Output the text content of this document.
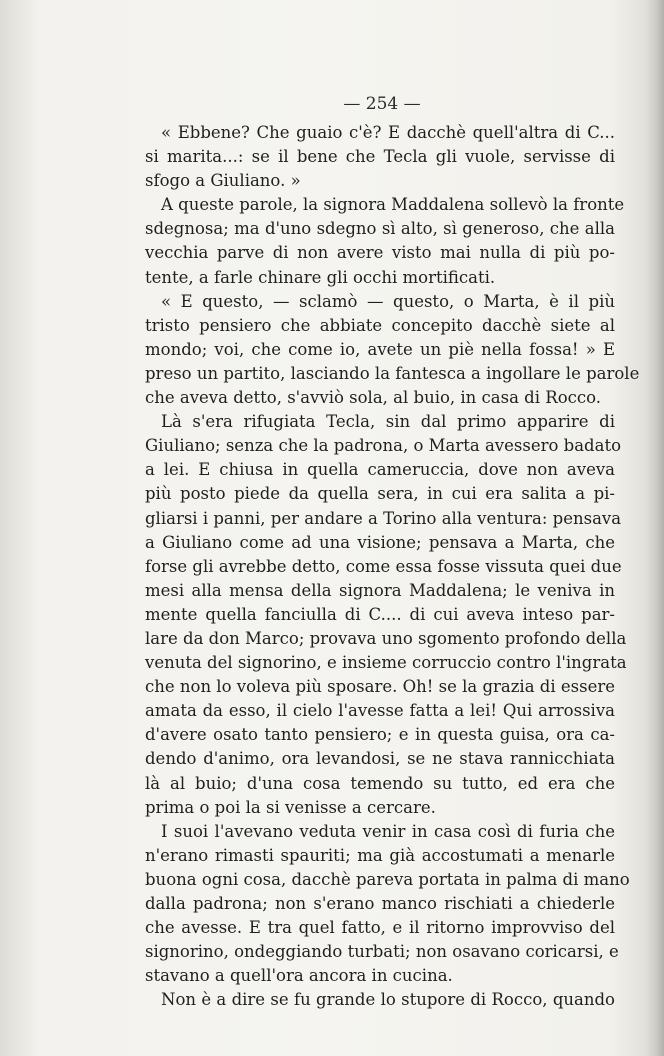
— 254 —
« Ebbene? Che guaio c'è? E dacchè quell'altra di C...
si marita...: se il bene che Tecla gli vuole, servisse di
sfogo a Giuliano. »
A queste parole, la signora Maddalena sollevò la fronte
sdegnosa; ma d'uno sdegno sì alto, sì generoso, che alla
vecchia parve di non avere visto mai nulla di più po-
tente, a farle chinare gli occhi mortificati.
« E questo, — sclamò — questo, o Marta, è il più
tristo pensiero che abbiate concepito dacchè siete al
mondo; voi, che come io, avete un piè nella fossa! » E
preso un partito, lasciando la fantesca a ingollare le parole
che aveva detto, s'avviò sola, al buio, in casa di Rocco.
Là s'era rifugiata Tecla, sin dal primo apparire di
Giuliano; senza che la padrona, o Marta avessero badato
a lei. E chiusa in quella cameruccia, dove non aveva
più posto piede da quella sera, in cui era salita a pi-
gliarsi i panni, per andare a Torino alla ventura: pensava
a Giuliano come ad una visione; pensava a Marta, che
forse gli avrebbe detto, come essa fosse vissuta quei due
mesi alla mensa della signora Maddalena; le veniva in
mente quella fanciulla di C.... di cui aveva inteso par-
lare da don Marco; provava uno sgomento profondo della
venuta del signorino, e insieme corruccio contro l'ingrata
che non lo voleva più sposare. Oh! se la grazia di essere
amata da esso, il cielo l'avesse fatta a lei! Qui arrossiva
d'avere osato tanto pensiero; e in questa guisa, ora ca-
dendo d'animo, ora levandosi, se ne stava rannicchiata
là al buio; d'una cosa temendo su tutto, ed era che
prima o poi la si venisse a cercare.
I suoi l'avevano veduta venir in casa così di furia che
n'erano rimasti spauriti; ma già accostumati a menarle
buona ogni cosa, dacchè pareva portata in palma di mano
dalla padrona; non s'erano manco rischiati a chiederle
che avesse. E tra quel fatto, e il ritorno improvviso del
signorino, ondeggiando turbati; non osavano coricarsi, e
stavano a quell'ora ancora in cucina.
Non è a dire se fu grande lo stupore di Rocco, quando
